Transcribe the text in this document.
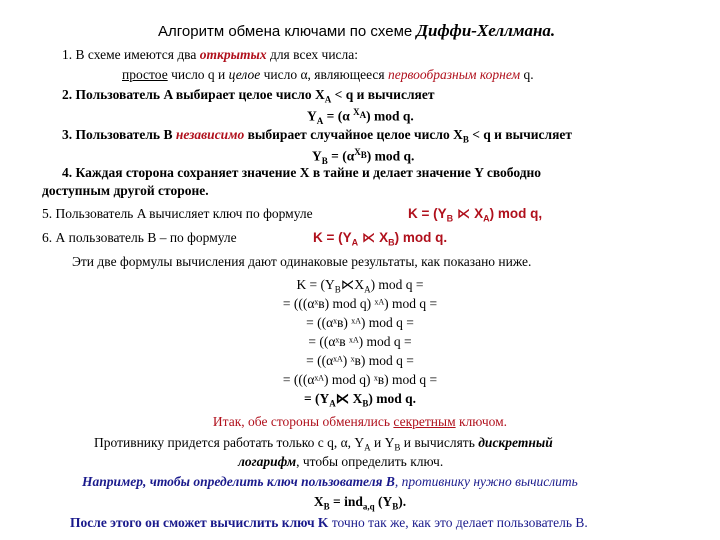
Алгоритм обмена ключами по схеме Диффи-Хеллмана.
1. В схеме имеются два открытых для всех числа:
простое число q и целое число α, являющееся первообразным корнем q.
2. Пользователь A выбирает целое число $X_A < q$ и вычисляет
$Y_A = (\alpha$ $^{X_A}$) mod q.
3. Пользователь B независимо выбирает случайное целое число $X_B < q$ и вычисляет
$Y_B = (\alpha^{X_B})$ mod q.
4. Каждая сторона сохраняет значение X в тайне и делает значение Y свободно
доступным другой стороне.
5. Пользователь A вычисляет ключ по формуле	$K = (Y_B$ ⋉ $X_A$) mod q,
6. А пользователь B – по формуле	$K = (Y_A$ ⋉ $X_B$) mod q.
Эти две формулы вычисления дают одинаковые результаты, как показано ниже.
$K = (Y_B⋉X_A)$ mod q =
= (((αˣʙ) mod q) ˣᴬ) mod q =
= ((αˣʙ) ˣᴬ) mod q =
= ((αˣʙ ˣᴬ) mod q =
= ((αˣᴬ) ˣʙ) mod q =
= (((αˣᴬ) mod q) ˣʙ) mod q =
= ($Y_A⋉$ $X_B$) mod q.
Итак, обе стороны обменялись секретным ключом.
Противнику придется работать только с q, α, $Y_A$ и $Y_B$ и вычислять дискретный
логарифм, чтобы определить ключ.
Например, чтобы определить ключ пользователя B, противнику нужно вычислить
$X_B = ind_{a,q}$ $(Y_B)$.
После этого он сможет вычислить ключ K точно так же, как это делает пользователь B.
